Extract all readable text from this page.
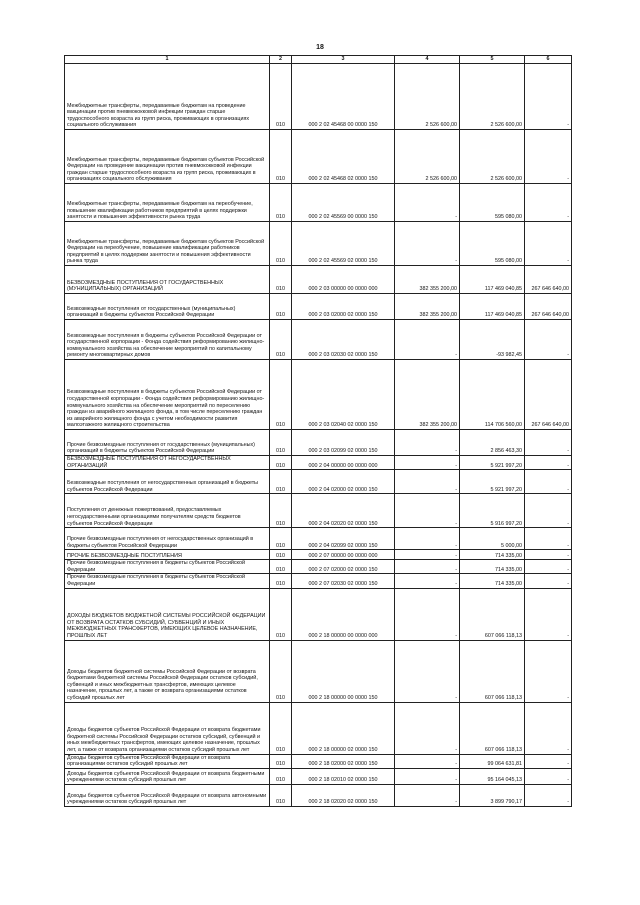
18
1	2	3	4	5	6
Межбюджетные трансферты, передаваемые бюджетам на проведение вакцинации против пневмококковой инфекции граждан старше трудоспособного возраста из групп риска, проживающих в организациях социального обслуживания	010	000 2 02 45468 00 0000 150	2 526 600,00	2 526 600,00	-
Межбюджетные трансферты, передаваемые бюджетам субъектов Российской Федерации на проведение вакцинации против пневмококковой инфекции граждан старше трудоспособного возраста из групп риска, проживающих в организациях социального обслуживания	010	000 2 02 45468 02 0000 150	2 526 600,00	2 526 600,00	-
Межбюджетные трансферты, передаваемые бюджетам на переобучение, повышение квалификации работников предприятий в целях поддержки занятости и повышения эффективности рынка труда	010	000 2 02 45569 00 0000 150	-	595 080,00	-
Межбюджетные трансферты, передаваемые бюджетам субъектов Российской Федерации на переобучение, повышение квалификации работников предприятий в целях поддержки занятости и повышения эффективности рынка труда	010	000 2 02 45569 02 0000 150	-	595 080,00	-
БЕЗВОЗМЕЗДНЫЕ ПОСТУПЛЕНИЯ ОТ ГОСУДАРСТВЕННЫХ (МУНИЦИПАЛЬНЫХ) ОРГАНИЗАЦИЙ	010	000 2 03 00000 00 0000 000	382 355 200,00	117 469 040,85	267 646 640,00
Безвозмездные поступления от государственных (муниципальных) организаций в бюджеты субъектов Российской Федерации	010	000 2 03 02000 02 0000 150	382 355 200,00	117 469 040,85	267 646 640,00
Безвозмездные поступления в бюджеты субъектов Российской Федерации от государственной корпорации - Фонда содействия реформированию жилищно-коммунального хозяйства на обеспечение мероприятий по капитальному ремонту многоквартирных домов	010	000 2 03 02030 02 0000 150	-	-93 982,45	-
Безвозмездные поступления в бюджеты субъектов Российской Федерации от государственной корпорации - Фонда содействия реформированию жилищно-коммунального хозяйства на обеспечение мероприятий по переселению граждан из аварийного жилищного фонда, в том числе переселению граждан из аварийного жилищного фонда с учетом необходимости развития малоэтажного жилищного строительства	010	000 2 03 02040 02 0000 150	382 355 200,00	114 706 560,00	267 646 640,00
Прочие безвозмездные поступления от государственных (муниципальных) организаций в бюджеты субъектов Российской Федерации	010	000 2 03 02099 02 0000 150	-	2 856 463,30	-
БЕЗВОЗМЕЗДНЫЕ ПОСТУПЛЕНИЯ ОТ НЕГОСУДАРСТВЕННЫХ ОРГАНИЗАЦИЙ	010	000 2 04 00000 00 0000 000	-	5 921 997,20	-
Безвозмездные поступления от негосударственных организаций в бюджеты субъектов Российской Федерации	010	000 2 04 02000 02 0000 150	-	5 921 997,20	-
Поступления от денежных пожертвований, предоставляемых негосударственными организациями получателям средств бюджетов субъектов Российской Федерации	010	000 2 04 02020 02 0000 150	-	5 916 997,20	-
Прочие безвозмездные поступления от негосударственных организаций в бюджеты субъектов Российской Федерации	010	000 2 04 02099 02 0000 150	-	5 000,00	-
ПРОЧИЕ БЕЗВОЗМЕЗДНЫЕ ПОСТУПЛЕНИЯ	010	000 2 07 00000 00 0000 000	-	714 335,00	-
Прочие безвозмездные поступления в бюджеты субъектов Российской Федерации	010	000 2 07 02000 02 0000 150	-	714 335,00	-
Прочие безвозмездные поступления в бюджеты субъектов Российской Федерации	010	000 2 07 02030 02 0000 150	-	714 335,00	-
ДОХОДЫ БЮДЖЕТОВ БЮДЖЕТНОЙ СИСТЕМЫ РОССИЙСКОЙ ФЕДЕРАЦИИ ОТ ВОЗВРАТА ОСТАТКОВ СУБСИДИЙ, СУБВЕНЦИЙ И ИНЫХ МЕЖБЮДЖЕТНЫХ ТРАНСФЕРТОВ, ИМЕЮЩИХ ЦЕЛЕВОЕ НАЗНАЧЕНИЕ, ПРОШЛЫХ ЛЕТ	010	000 2 18 00000 00 0000 000	-	607 066 118,13	-
Доходы бюджетов бюджетной системы Российской Федерации от возврата бюджетами бюджетной системы Российской Федерации остатков субсидий, субвенций и иных межбюджетных трансфертов, имеющих целевое назначение, прошлых лет, а также от возврата организациями остатков субсидий прошлых лет	010	000 2 18 00000 00 0000 150	-	607 066 118,13	-
Доходы бюджетов субъектов Российской Федерации от возврата бюджетами бюджетной системы Российской Федерации остатков субсидий, субвенций и иных межбюджетных трансфертов, имеющих целевое назначение, прошлых лет, а также от возврата организациями остатков субсидий прошлых лет	010	000 2 18 00000 02 0000 150	-	607 066 118,13	-
Доходы бюджетов субъектов Российской Федерации от возврата организациями остатков субсидий прошлых лет	010	000 2 18 02000 02 0000 150	-	99 064 631,81	-
Доходы бюджетов субъектов Российской Федерации от возврата бюджетными учреждениями остатков субсидий прошлых лет	010	000 2 18 02010 02 0000 150	-	95 164 045,13	-
Доходы бюджетов субъектов Российской Федерации от возврата автономными учреждениями остатков субсидий прошлых лет	010	000 2 18 02020 02 0000 150	-	3 899 790,17	-
